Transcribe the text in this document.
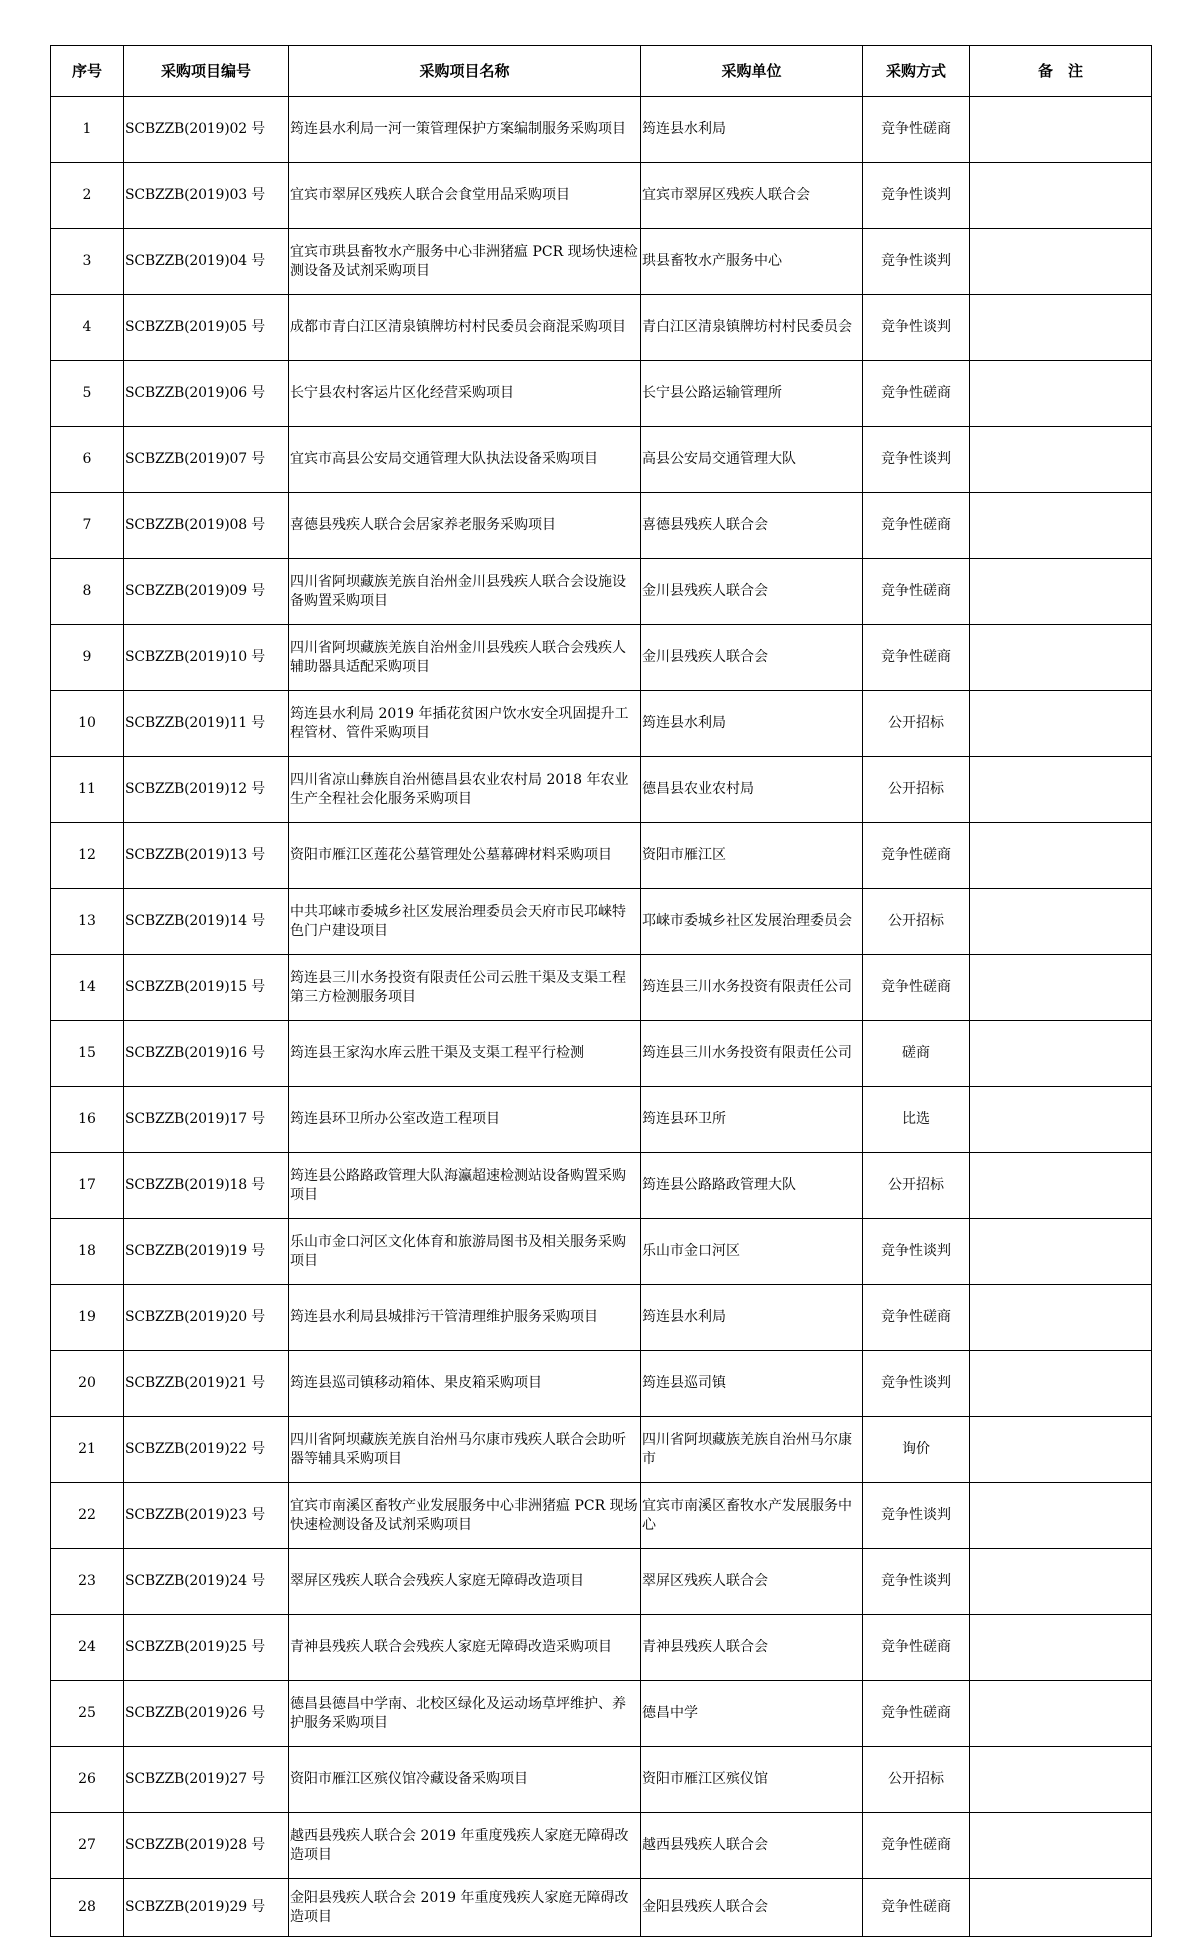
序号	采购项目编号	采购项目名称	采购单位	采购方式	备　注
1	SCBZZB(2019)02 号	筠连县水利局一河一策管理保护方案编制服务采购项目	筠连县水利局	竞争性磋商	
2	SCBZZB(2019)03 号	宜宾市翠屏区残疾人联合会食堂用品采购项目	宜宾市翠屏区残疾人联合会	竞争性谈判	
3	SCBZZB(2019)04 号	宜宾市珙县畜牧水产服务中心非洲猪瘟 PCR 现场快速检测设备及试剂采购项目	珙县畜牧水产服务中心	竞争性谈判	
4	SCBZZB(2019)05 号	成都市青白江区清泉镇牌坊村村民委员会商混采购项目	青白江区清泉镇牌坊村村民委员会	竞争性谈判	
5	SCBZZB(2019)06 号	长宁县农村客运片区化经营采购项目	长宁县公路运输管理所	竞争性磋商	
6	SCBZZB(2019)07 号	宜宾市高县公安局交通管理大队执法设备采购项目	高县公安局交通管理大队	竞争性谈判	
7	SCBZZB(2019)08 号	喜德县残疾人联合会居家养老服务采购项目	喜德县残疾人联合会	竞争性磋商	
8	SCBZZB(2019)09 号	四川省阿坝藏族羌族自治州金川县残疾人联合会设施设备购置采购项目	金川县残疾人联合会	竞争性磋商	
9	SCBZZB(2019)10 号	四川省阿坝藏族羌族自治州金川县残疾人联合会残疾人辅助器具适配采购项目	金川县残疾人联合会	竞争性磋商	
10	SCBZZB(2019)11 号	筠连县水利局 2019 年插花贫困户饮水安全巩固提升工程管材、管件采购项目	筠连县水利局	公开招标	
11	SCBZZB(2019)12 号	四川省凉山彝族自治州德昌县农业农村局 2018 年农业生产全程社会化服务采购项目	德昌县农业农村局	公开招标	
12	SCBZZB(2019)13 号	资阳市雁江区莲花公墓管理处公墓幕碑材料采购项目	资阳市雁江区	竞争性磋商	
13	SCBZZB(2019)14 号	中共邛崃市委城乡社区发展治理委员会天府市民邛崃特色门户建设项目	邛崃市委城乡社区发展治理委员会	公开招标	
14	SCBZZB(2019)15 号	筠连县三川水务投资有限责任公司云胜干渠及支渠工程第三方检测服务项目	筠连县三川水务投资有限责任公司	竞争性磋商	
15	SCBZZB(2019)16 号	筠连县王家沟水库云胜干渠及支渠工程平行检测	筠连县三川水务投资有限责任公司	磋商	
16	SCBZZB(2019)17 号	筠连县环卫所办公室改造工程项目	筠连县环卫所	比选	
17	SCBZZB(2019)18 号	筠连县公路路政管理大队海瀛超速检测站设备购置采购项目	筠连县公路路政管理大队	公开招标	
18	SCBZZB(2019)19 号	乐山市金口河区文化体育和旅游局图书及相关服务采购项目	乐山市金口河区	竞争性谈判	
19	SCBZZB(2019)20 号	筠连县水利局县城排污干管清理维护服务采购项目	筠连县水利局	竞争性磋商	
20	SCBZZB(2019)21 号	筠连县巡司镇移动箱体、果皮箱采购项目	筠连县巡司镇	竞争性谈判	
21	SCBZZB(2019)22 号	四川省阿坝藏族羌族自治州马尔康市残疾人联合会助听器等辅具采购项目	四川省阿坝藏族羌族自治州马尔康市	询价	
22	SCBZZB(2019)23 号	宜宾市南溪区畜牧产业发展服务中心非洲猪瘟 PCR 现场快速检测设备及试剂采购项目	宜宾市南溪区畜牧水产发展服务中心	竞争性谈判	
23	SCBZZB(2019)24 号	翠屏区残疾人联合会残疾人家庭无障碍改造项目	翠屏区残疾人联合会	竞争性谈判	
24	SCBZZB(2019)25 号	青神县残疾人联合会残疾人家庭无障碍改造采购项目	青神县残疾人联合会	竞争性磋商	
25	SCBZZB(2019)26 号	德昌县德昌中学南、北校区绿化及运动场草坪维护、养护服务采购项目	德昌中学	竞争性磋商	
26	SCBZZB(2019)27 号	资阳市雁江区殡仪馆冷藏设备采购项目	资阳市雁江区殡仪馆	公开招标	
27	SCBZZB(2019)28 号	越西县残疾人联合会 2019 年重度残疾人家庭无障碍改造项目	越西县残疾人联合会	竞争性磋商	
28	SCBZZB(2019)29 号	金阳县残疾人联合会 2019 年重度残疾人家庭无障碍改造项目	金阳县残疾人联合会	竞争性磋商	
